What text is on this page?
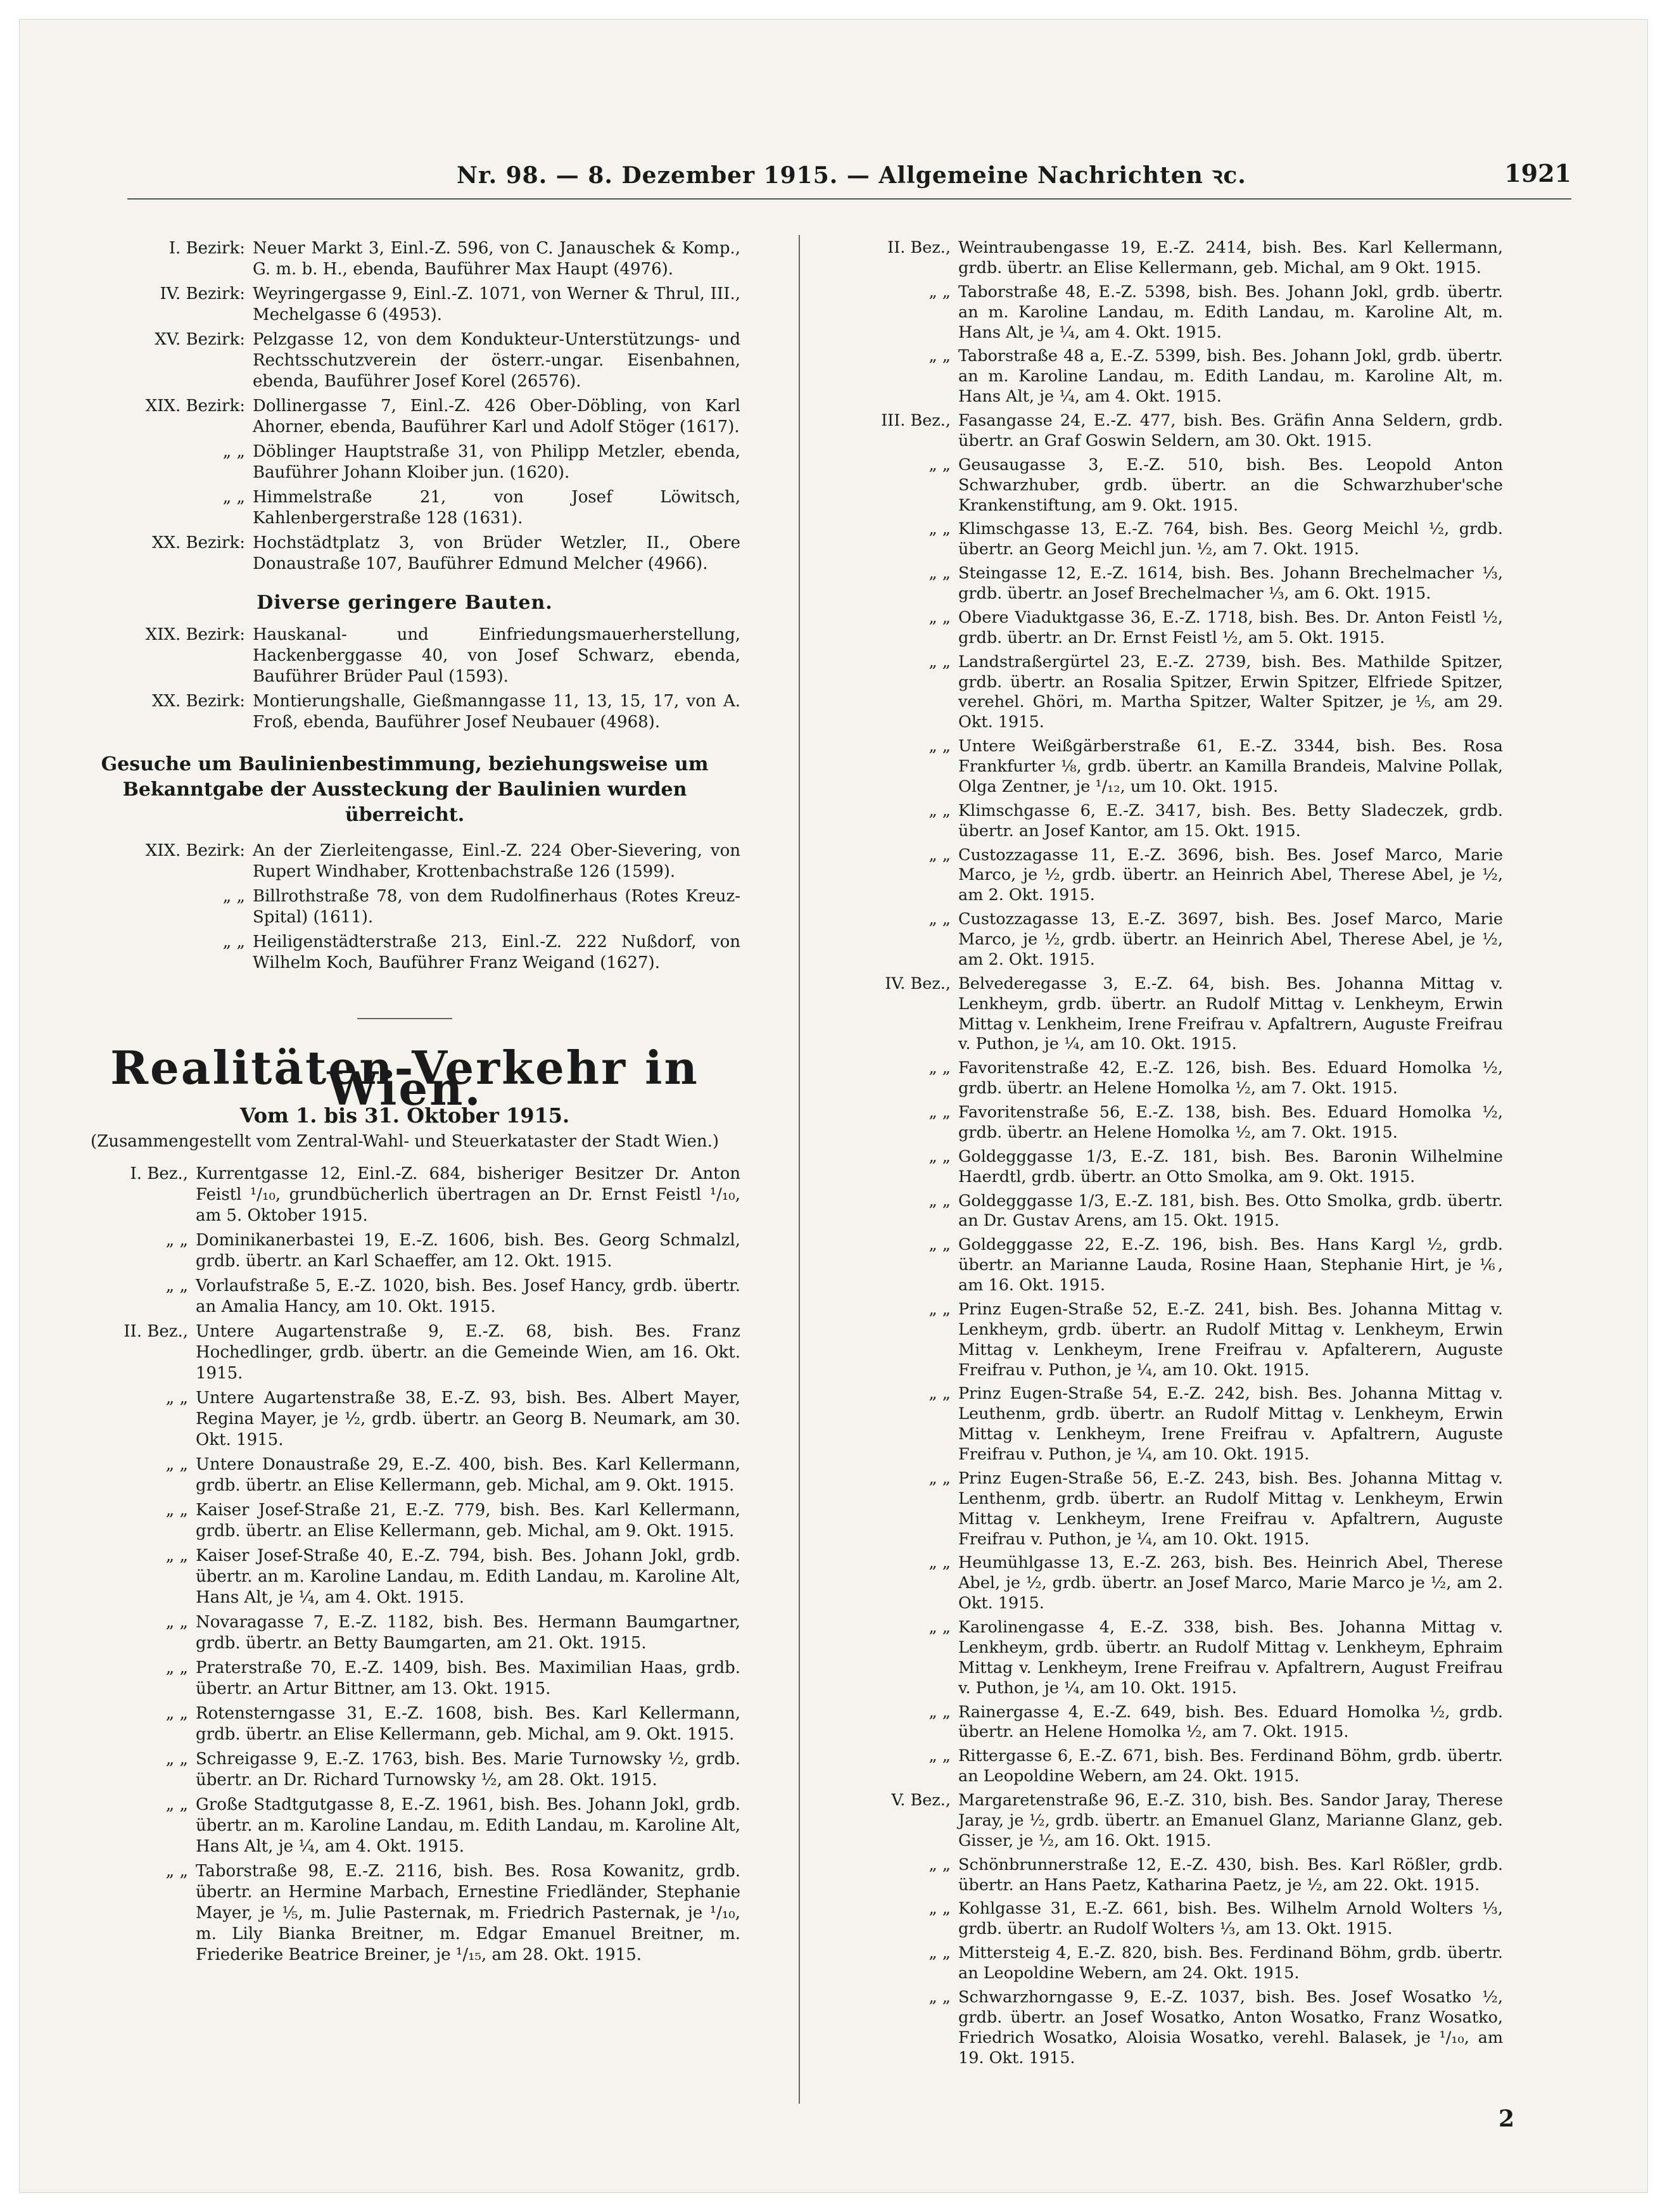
Nr. 98. — 8. Dezember 1915. — Allgemeine Nachrichten ꝛc.	1921
I. Bezirk: Neuer Markt 3, Einl.-Z. 596, von C. Janauschek & Komp., G. m. b. H., ebenda, Bauführer Max Haupt (4976).
IV. Bezirk: Weyringergasse 9, Einl.-Z. 1071, von Werner & Thrul, III., Mechelgasse 6 (4953).
XV. Bezirk: Pelzgasse 12, von dem Kondukteur-Unterstützungs- und Rechtsschutzverein der österr.-ungar. Eisenbahnen, ebenda, Bauführer Josef Korel (26576).
XIX. Bezirk: Dollinergasse 7, Einl.-Z. 426 Ober-Döbling, von Karl Ahorner, ebenda, Bauführer Karl und Adolf Stöger (1617).
„ „ Döblinger Hauptstraße 31, von Philipp Metzler, ebenda, Bauführer Johann Kloiber jun. (1620).
„ „ Himmelstraße 21, von Josef Löwitsch, Kahlenbergerstraße 128 (1631).
XX. Bezirk: Hochstädtplatz 3, von Brüder Wetzler, II., Obere Donaustraße 107, Bauführer Edmund Melcher (4966).
Diverse geringere Bauten.
XIX. Bezirk: Hauskanal- und Einfriedungsmauerherstellung, Hackenberggasse 40, von Josef Schwarz, ebenda, Bauführer Brüder Paul (1593).
XX. Bezirk: Montierungshalle, Gießmanngasse 11, 13, 15, 17, von A. Froß, ebenda, Bauführer Josef Neubauer (4968).
Gesuche um Baulinienbestimmung, beziehungsweise um Bekanntgabe der Aussteckung der Baulinien wurden überreicht.
XIX. Bezirk: An der Zierleitengasse, Einl.-Z. 224 Ober-Sievering, von Rupert Windhaber, Krottenbachstraße 126 (1599).
„ „ Billrothstraße 78, von dem Rudolfinerhaus (Rotes Kreuz-Spital) (1611).
„ „ Heiligenstädterstraße 213, Einl.-Z. 222 Nußdorf, von Wilhelm Koch, Bauführer Franz Weigand (1627).
Realitäten-Verkehr in Wien.
Vom 1. bis 31. Oktober 1915.
(Zusammengestellt vom Zentral-Wahl- und Steuerkataster der Stadt Wien.)
I. Bez., Kurrentgasse 12, Einl.-Z. 684, bisheriger Besitzer Dr. Anton Feistl ¹/₁₀, grundbücherlich übertragen an Dr. Ernst Feistl ¹/₁₀, am 5. Oktober 1915.
„ „ Dominikanerbastei 19, E.-Z. 1606, bish. Bes. Georg Schmalzl, grdb. übertr. an Karl Schaeffer, am 12. Okt. 1915.
„ „ Vorlaufstraße 5, E.-Z. 1020, bish. Bes. Josef Hancy, grdb. übertr. an Amalia Hancy, am 10. Okt. 1915.
II. Bez., Untere Augartenstraße 9, E.-Z. 68, bish. Bes. Franz Hochedlinger, grdb. übertr. an die Gemeinde Wien, am 16. Okt. 1915.
„ „ Untere Augartenstraße 38, E.-Z. 93, bish. Bes. Albert Mayer, Regina Mayer, je ½, grdb. übertr. an Georg B. Neumark, am 30. Okt. 1915.
„ „ Untere Donaustraße 29, E.-Z. 400, bish. Bes. Karl Kellermann, grdb. übertr. an Elise Kellermann, geb. Michal, am 9. Okt. 1915.
„ „ Kaiser Josef-Straße 21, E.-Z. 779, bish. Bes. Karl Kellermann, grdb. übertr. an Elise Kellermann, geb. Michal, am 9. Okt. 1915.
„ „ Kaiser Josef-Straße 40, E.-Z. 794, bish. Bes. Johann Jokl, grdb. übertr. an m. Karoline Landau, m. Edith Landau, m. Karoline Alt, Hans Alt, je ¼, am 4. Okt. 1915.
„ „ Novaragasse 7, E.-Z. 1182, bish. Bes. Hermann Baumgartner, grdb. übertr. an Betty Baumgarten, am 21. Okt. 1915.
„ „ Praterstraße 70, E.-Z. 1409, bish. Bes. Maximilian Haas, grdb. übertr. an Artur Bittner, am 13. Okt. 1915.
„ „ Rotensterngasse 31, E.-Z. 1608, bish. Bes. Karl Kellermann, grdb. übertr. an Elise Kellermann, geb. Michal, am 9. Okt. 1915.
„ „ Schreigasse 9, E.-Z. 1763, bish. Bes. Marie Turnowsky ½, grdb. übertr. an Dr. Richard Turnowsky ½, am 28. Okt. 1915.
„ „ Große Stadtgutgasse 8, E.-Z. 1961, bish. Bes. Johann Jokl, grdb. übertr. an m. Karoline Landau, m. Edith Landau, m. Karoline Alt, Hans Alt, je ¼, am 4. Okt. 1915.
„ „ Taborstraße 98, E.-Z. 2116, bish. Bes. Rosa Kowanitz, grdb. übertr. an Hermine Marbach, Ernestine Friedländer, Stephanie Mayer, je ⅕, m. Julie Pasternak, m. Friedrich Pasternak, je ¹/₁₀, m. Lily Bianka Breitner, m. Edgar Emanuel Breitner, m. Friederike Beatrice Breiner, je ¹/₁₅, am 28. Okt. 1915.
II. Bez., Weintraubengasse 19, E.-Z. 2414, bish. Bes. Karl Kellermann, grdb. übertr. an Elise Kellermann, geb. Michal, am 9 Okt. 1915.
„ „ Taborstraße 48, E.-Z. 5398, bish. Bes. Johann Jokl, grdb. übertr. an m. Karoline Landau, m. Edith Landau, m. Karoline Alt, m. Hans Alt, je ¼, am 4. Okt. 1915.
„ „ Taborstraße 48 a, E.-Z. 5399, bish. Bes. Johann Jokl, grdb. übertr. an m. Karoline Landau, m. Edith Landau, m. Karoline Alt, m. Hans Alt, je ¼, am 4. Okt. 1915.
III. Bez., Fasangasse 24, E.-Z. 477, bish. Bes. Gräfin Anna Seldern, grdb. übertr. an Graf Goswin Seldern, am 30. Okt. 1915.
„ „ Geusaugasse 3, E.-Z. 510, bish. Bes. Leopold Anton Schwarzhuber, grdb. übertr. an die Schwarzhuber'sche Krankenstiftung, am 9. Okt. 1915.
„ „ Klimschgasse 13, E.-Z. 764, bish. Bes. Georg Meichl ½, grdb. übertr. an Georg Meichl jun. ½, am 7. Okt. 1915.
„ „ Steingasse 12, E.-Z. 1614, bish. Bes. Johann Brechelmacher ⅓, grdb. übertr. an Josef Brechelmacher ⅓, am 6. Okt. 1915.
„ „ Obere Viaduktgasse 36, E.-Z. 1718, bish. Bes. Dr. Anton Feistl ½, grdb. übertr. an Dr. Ernst Feistl ½, am 5. Okt. 1915.
„ „ Landstraßergürtel 23, E.-Z. 2739, bish. Bes. Mathilde Spitzer, grdb. übertr. an Rosalia Spitzer, Erwin Spitzer, Elfriede Spitzer, verehel. Ghöri, m. Martha Spitzer, Walter Spitzer, je ⅕, am 29. Okt. 1915.
„ „ Untere Weißgärberstraße 61, E.-Z. 3344, bish. Bes. Rosa Frankfurter ⅛, grdb. übertr. an Kamilla Brandeis, Malvine Pollak, Olga Zentner, je ¹/₁₂, um 10. Okt. 1915.
„ „ Klimschgasse 6, E.-Z. 3417, bish. Bes. Betty Sladeczek, grdb. übertr. an Josef Kantor, am 15. Okt. 1915.
„ „ Custozzagasse 11, E.-Z. 3696, bish. Bes. Josef Marco, Marie Marco, je ½, grdb. übertr. an Heinrich Abel, Therese Abel, je ½, am 2. Okt. 1915.
„ „ Custozzagasse 13, E.-Z. 3697, bish. Bes. Josef Marco, Marie Marco, je ½, grdb. übertr. an Heinrich Abel, Therese Abel, je ½, am 2. Okt. 1915.
IV. Bez., Belvederegasse 3, E.-Z. 64, bish. Bes. Johanna Mittag v. Lenkheym, grdb. übertr. an Rudolf Mittag v. Lenkheym, Erwin Mittag v. Lenkheim, Irene Freifrau v. Apfaltrern, Auguste Freifrau v. Puthon, je ¼, am 10. Okt. 1915.
„ „ Favoritenstraße 42, E.-Z. 126, bish. Bes. Eduard Homolka ½, grdb. übertr. an Helene Homolka ½, am 7. Okt. 1915.
„ „ Favoritenstraße 56, E.-Z. 138, bish. Bes. Eduard Homolka ½, grdb. übertr. an Helene Homolka ½, am 7. Okt. 1915.
„ „ Goldegggasse 1/3, E.-Z. 181, bish. Bes. Baronin Wilhelmine Haerdtl, grdb. übertr. an Otto Smolka, am 9. Okt. 1915.
„ „ Goldegggasse 1/3, E.-Z. 181, bish. Bes. Otto Smolka, grdb. übertr. an Dr. Gustav Arens, am 15. Okt. 1915.
„ „ Goldegggasse 22, E.-Z. 196, bish. Bes. Hans Kargl ½, grdb. übertr. an Marianne Lauda, Rosine Haan, Stephanie Hirt, je ⅙, am 16. Okt. 1915.
„ „ Prinz Eugen-Straße 52, E.-Z. 241, bish. Bes. Johanna Mittag v. Lenkheym, grdb. übertr. an Rudolf Mittag v. Lenkheym, Erwin Mittag v. Lenkheym, Irene Freifrau v. Apfalterern, Auguste Freifrau v. Puthon, je ¼, am 10. Okt. 1915.
„ „ Prinz Eugen-Straße 54, E.-Z. 242, bish. Bes. Johanna Mittag v. Leuthenm, grdb. übertr. an Rudolf Mittag v. Lenkheym, Erwin Mittag v. Lenkheym, Irene Freifrau v. Apfaltrern, Auguste Freifrau v. Puthon, je ¼, am 10. Okt. 1915.
„ „ Prinz Eugen-Straße 56, E.-Z. 243, bish. Bes. Johanna Mittag v. Lenthenm, grdb. übertr. an Rudolf Mittag v. Lenkheym, Erwin Mittag v. Lenkheym, Irene Freifrau v. Apfaltrern, Auguste Freifrau v. Puthon, je ¼, am 10. Okt. 1915.
„ „ Heumühlgasse 13, E.-Z. 263, bish. Bes. Heinrich Abel, Therese Abel, je ½, grdb. übertr. an Josef Marco, Marie Marco je ½, am 2. Okt. 1915.
„ „ Karolinengasse 4, E.-Z. 338, bish. Bes. Johanna Mittag v. Lenkheym, grdb. übertr. an Rudolf Mittag v. Lenkheym, Ephraim Mittag v. Lenkheym, Irene Freifrau v. Apfaltrern, August Freifrau v. Puthon, je ¼, am 10. Okt. 1915.
„ „ Rainergasse 4, E.-Z. 649, bish. Bes. Eduard Homolka ½, grdb. übertr. an Helene Homolka ½, am 7. Okt. 1915.
„ „ Rittergasse 6, E.-Z. 671, bish. Bes. Ferdinand Böhm, grdb. übertr. an Leopoldine Webern, am 24. Okt. 1915.
V. Bez., Margaretenstraße 96, E.-Z. 310, bish. Bes. Sandor Jaray, Therese Jaray, je ½, grdb. übertr. an Emanuel Glanz, Marianne Glanz, geb. Gisser, je ½, am 16. Okt. 1915.
„ „ Schönbrunnerstraße 12, E.-Z. 430, bish. Bes. Karl Rößler, grdb. übertr. an Hans Paetz, Katharina Paetz, je ½, am 22. Okt. 1915.
„ „ Kohlgasse 31, E.-Z. 661, bish. Bes. Wilhelm Arnold Wolters ⅓, grdb. übertr. an Rudolf Wolters ⅓, am 13. Okt. 1915.
„ „ Mittersteig 4, E.-Z. 820, bish. Bes. Ferdinand Böhm, grdb. übertr. an Leopoldine Webern, am 24. Okt. 1915.
„ „ Schwarzhorngasse 9, E.-Z. 1037, bish. Bes. Josef Wosatko ½, grdb. übertr. an Josef Wosatko, Anton Wosatko, Franz Wosatko, Friedrich Wosatko, Aloisia Wosatko, verehl. Balasek, je ¹/₁₀, am 19. Okt. 1915.
2
